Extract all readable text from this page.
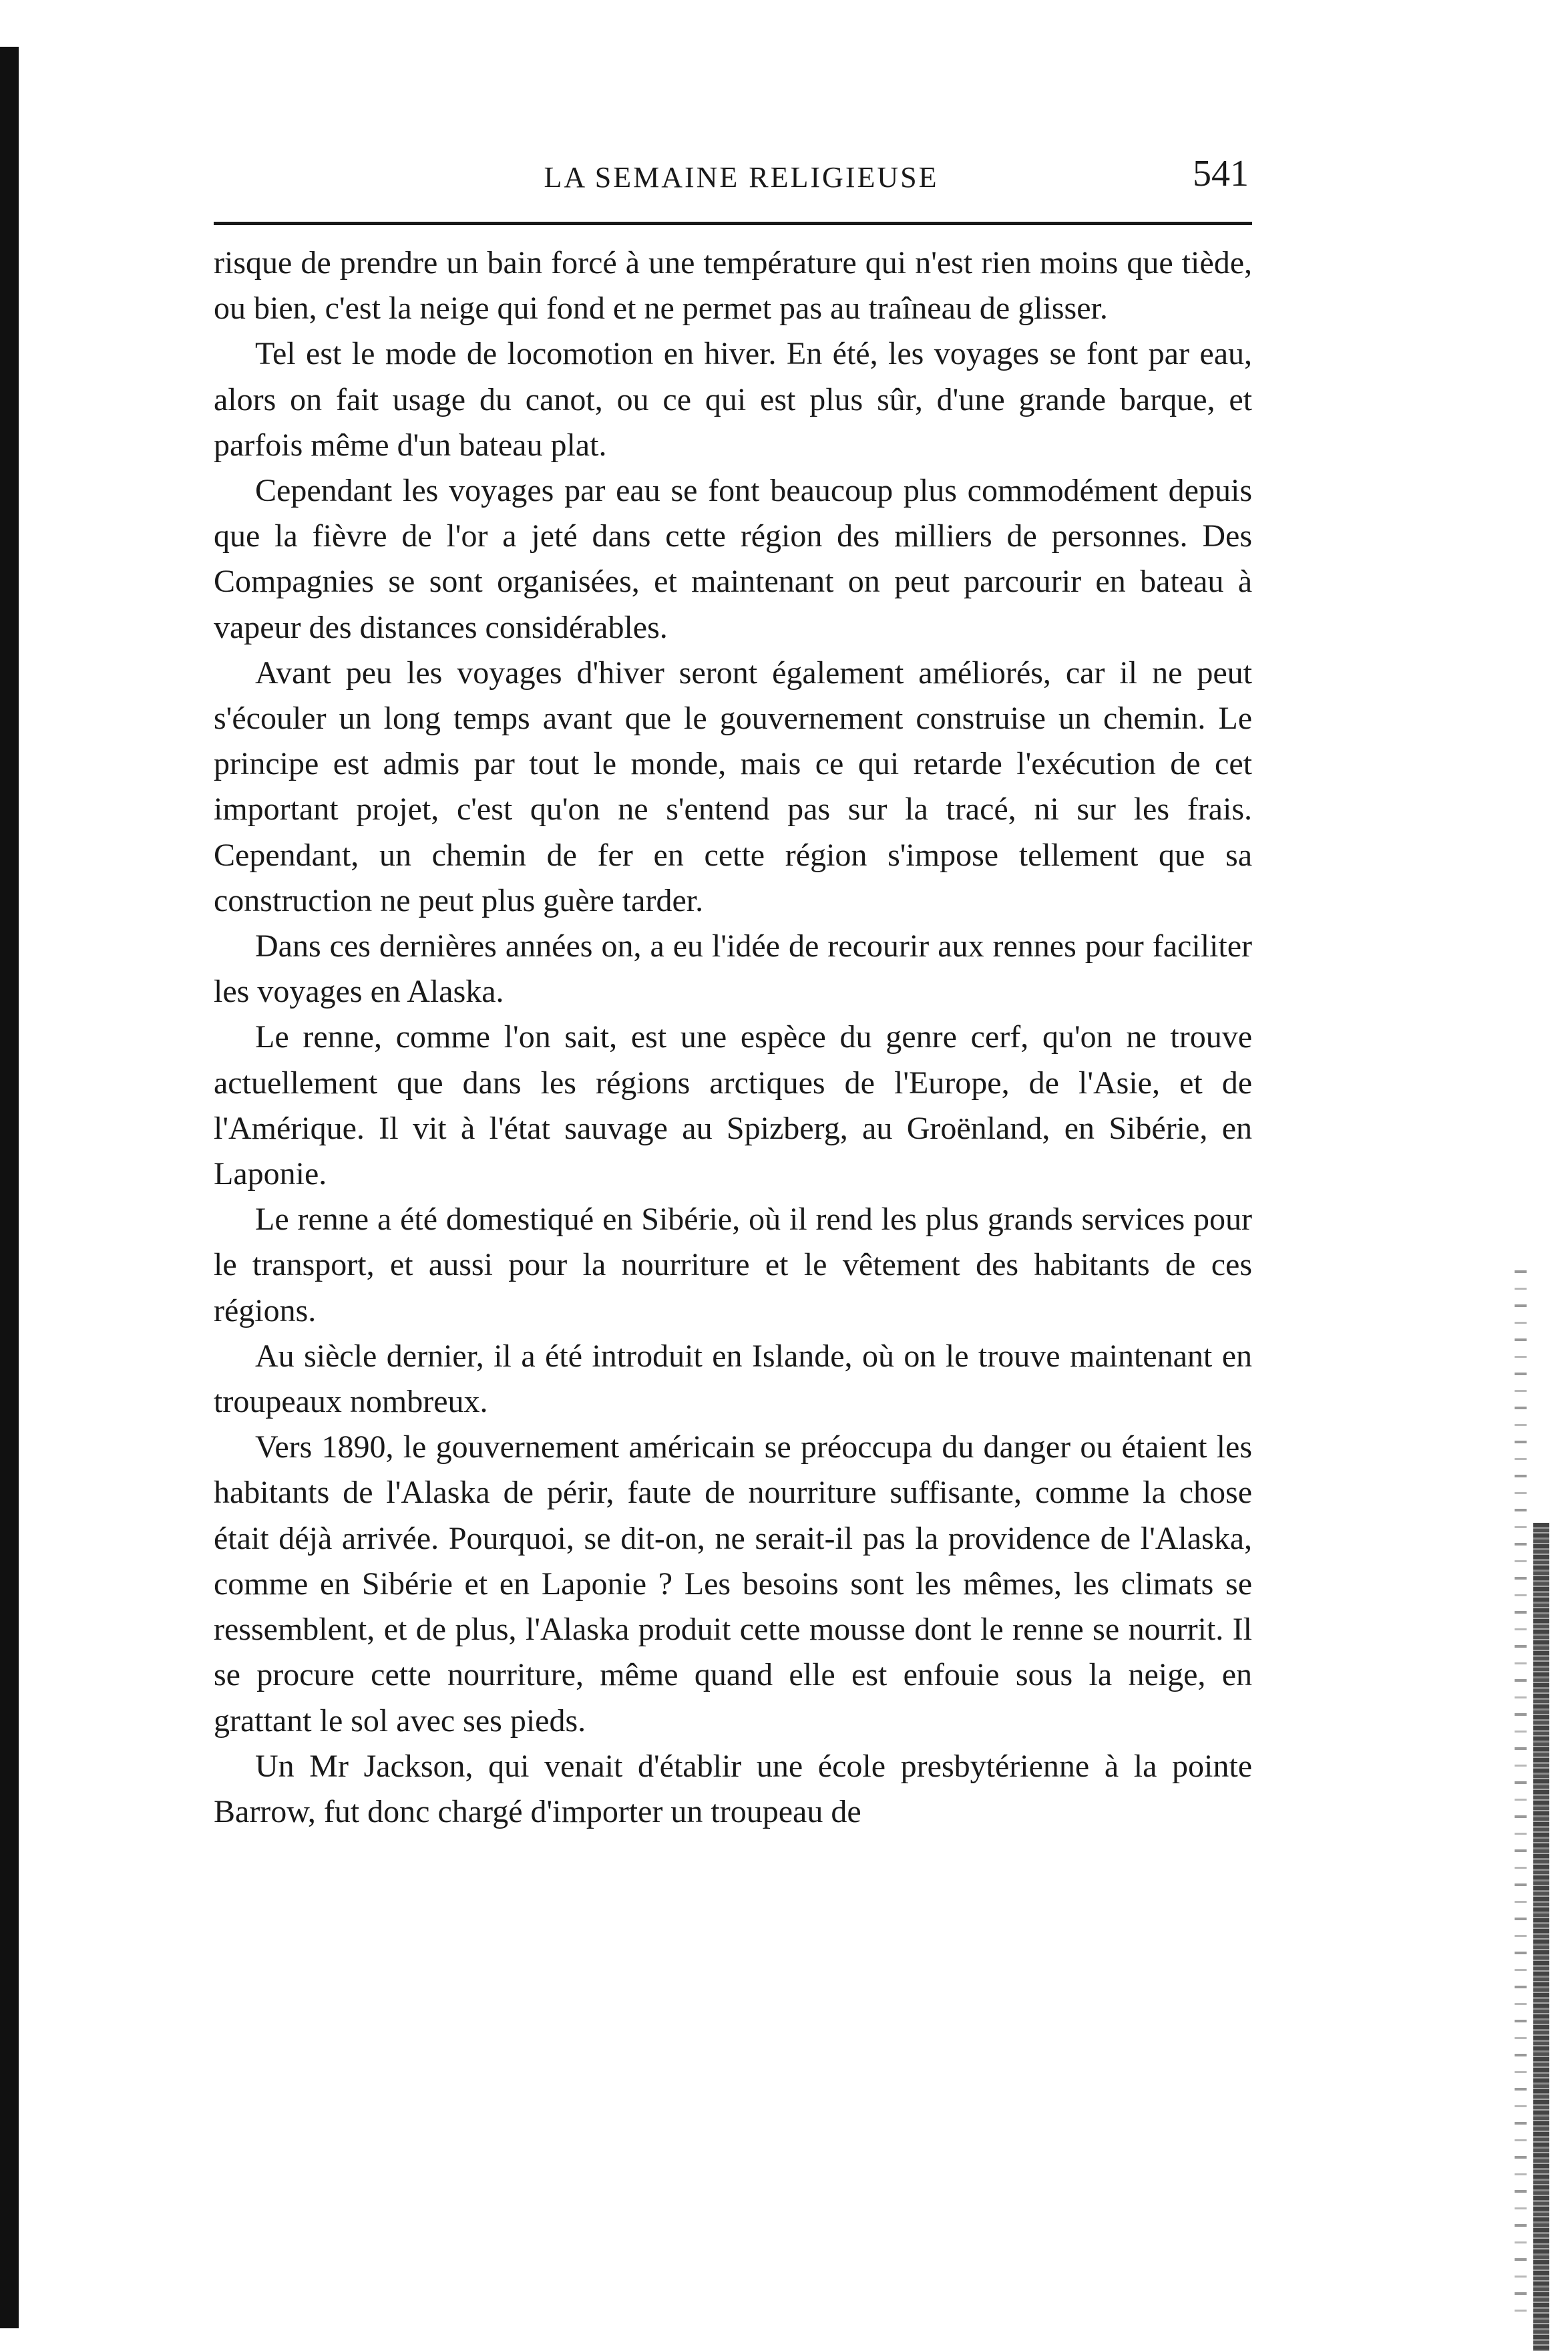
LA SEMAINE RELIGIEUSE	541

risque de prendre un bain forcé à une température qui n'est rien moins que tiède, ou bien, c'est la neige qui fond et ne permet pas au traîneau de glisser.

Tel est le mode de locomotion en hiver. En été, les voyages se font par eau, alors on fait usage du canot, ou ce qui est plus sûr, d'une grande barque, et parfois même d'un bateau plat.

Cependant les voyages par eau se font beaucoup plus commodément depuis que la fièvre de l'or a jeté dans cette région des milliers de personnes. Des Compagnies se sont organisées, et maintenant on peut parcourir en bateau à vapeur des distances considérables.

Avant peu les voyages d'hiver seront également améliorés, car il ne peut s'écouler un long temps avant que le gouvernement construise un chemin. Le principe est admis par tout le monde, mais ce qui retarde l'exécution de cet important projet, c'est qu'on ne s'entend pas sur la tracé, ni sur les frais. Cependant, un chemin de fer en cette région s'impose tellement que sa construction ne peut plus guère tarder.

Dans ces dernières années on, a eu l'idée de recourir aux rennes pour faciliter les voyages en Alaska.

Le renne, comme l'on sait, est une espèce du genre cerf, qu'on ne trouve actuellement que dans les régions arctiques de l'Europe, de l'Asie, et de l'Amérique. Il vit à l'état sauvage au Spizberg, au Groënland, en Sibérie, en Laponie.

Le renne a été domestiqué en Sibérie, où il rend les plus grands services pour le transport, et aussi pour la nourriture et le vêtement des habitants de ces régions.

Au siècle dernier, il a été introduit en Islande, où on le trouve maintenant en troupeaux nombreux.

Vers 1890, le gouvernement américain se préoccupa du danger ou étaient les habitants de l'Alaska de périr, faute de nourriture suffisante, comme la chose était déjà arrivée. Pourquoi, se dit-on, ne serait-il pas la providence de l'Alaska, comme en Sibérie et en Laponie ? Les besoins sont les mêmes, les climats se ressemblent, et de plus, l'Alaska produit cette mousse dont le renne se nourrit. Il se procure cette nourriture, même quand elle est enfouie sous la neige, en grattant le sol avec ses pieds.

Un Mr Jackson, qui venait d'établir une école presbytérienne à la pointe Barrow, fut donc chargé d'importer un troupeau de
